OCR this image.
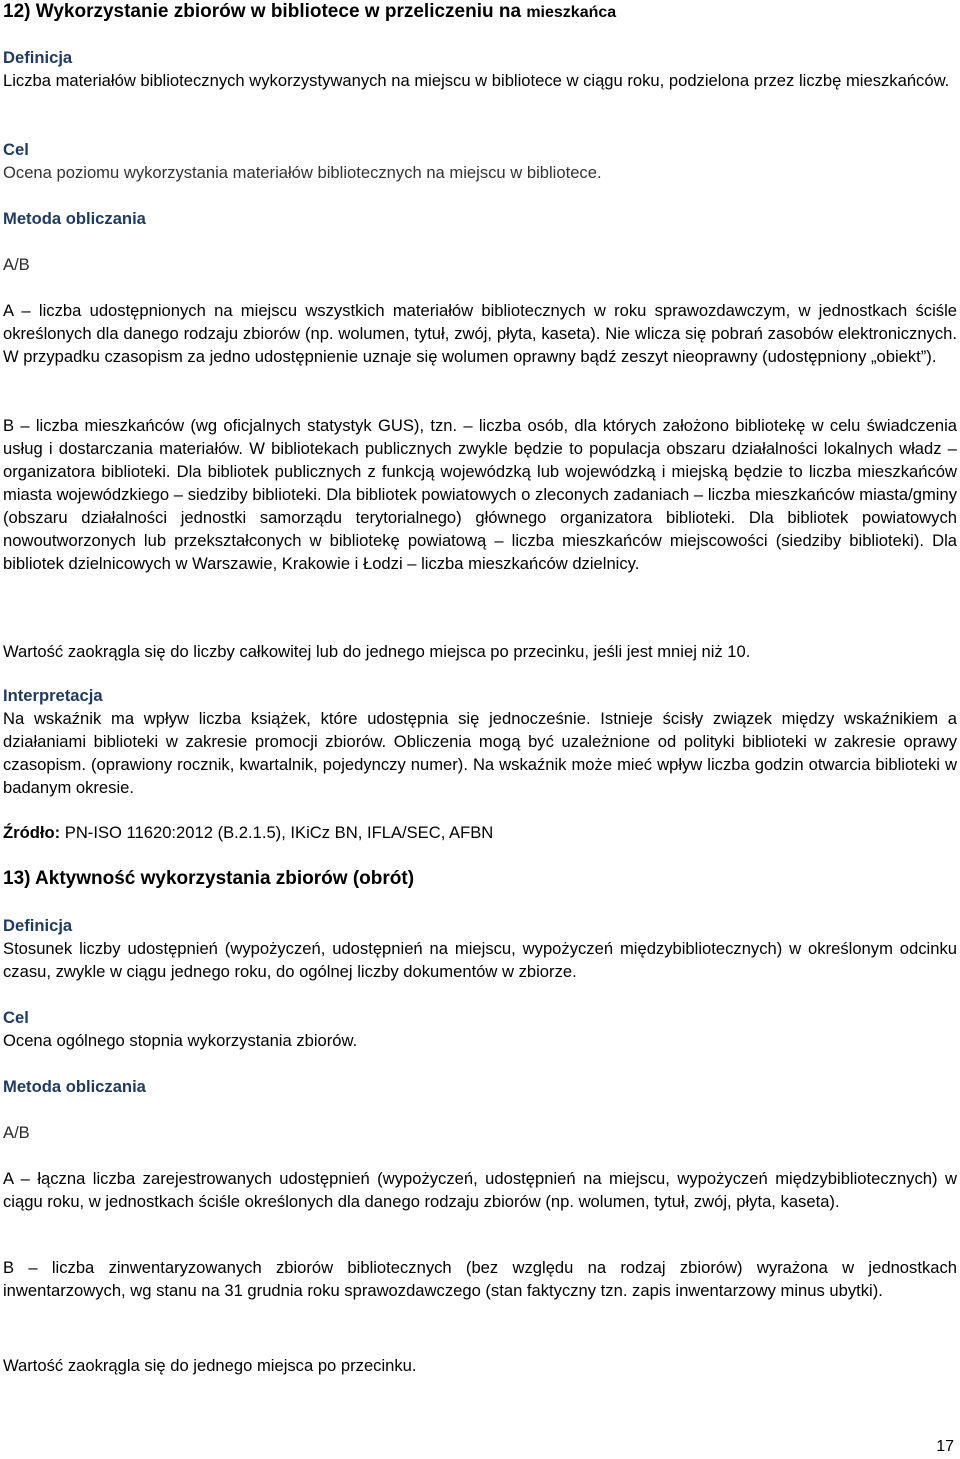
12) Wykorzystanie zbiorów w bibliotece w przeliczeniu na mieszkańca
Definicja

Liczba materiałów bibliotecznych wykorzystywanych na miejscu w bibliotece w ciągu roku, podzielona przez liczbę mieszkańców.

Cel

Ocena poziomu wykorzystania materiałów bibliotecznych na miejscu w bibliotece.

Metoda obliczania
A/B

A – liczba udostępnionych na miejscu wszystkich materiałów bibliotecznych w roku sprawozdawczym, w jednostkach ściśle określonych dla danego rodzaju zbiorów (np. wolumen, tytuł, zwój, płyta, kaseta). Nie wlicza się pobrań zasobów elektronicznych. W przypadku czasopism za jedno udostępnienie uznaje się wolumen oprawny bądź zeszyt nieoprawny (udostępniony „obiekt”).

B – liczba mieszkańców (wg oficjalnych statystyk GUS), tzn. – liczba osób, dla których założono bibliotekę w celu świadczenia usług i dostarczania materiałów. W bibliotekach publicznych zwykle będzie to populacja obszaru działalności lokalnych władz – organizatora biblioteki. Dla bibliotek publicznych z funkcją wojewódzką lub wojewódzką i miejską będzie to liczba mieszkańców miasta wojewódzkiego – siedziby biblioteki. Dla bibliotek powiatowych o zleconych zadaniach – liczba mieszkańców miasta/gminy (obszaru działalności jednostki samorządu terytorialnego) głównego organizatora biblioteki. Dla bibliotek powiatowych nowoutworzonych lub przekształconych w bibliotekę powiatową – liczba mieszkańców miejscowości (siedziby biblioteki). Dla bibliotek dzielnicowych w Warszawie, Krakowie i Łodzi – liczba mieszkańców dzielnicy.

Wartość zaokrągla się do liczby całkowitej lub do jednego miejsca po przecinku, jeśli jest mniej niż 10.

Interpretacja

Na wskaźnik ma wpływ liczba książek, które udostępnia się jednocześnie. Istnieje ścisły związek między wskaźnikiem a działaniami biblioteki w zakresie promocji zbiorów. Obliczenia mogą być uzależnione od polityki biblioteki w zakresie oprawy czasopism. (oprawiony rocznik, kwartalnik, pojedynczy numer). Na wskaźnik może mieć wpływ liczba godzin otwarcia biblioteki w badanym okresie.

Źródło: PN-ISO 11620:2012 (B.2.1.5), IKiCz BN, IFLA/SEC, AFBN
13) Aktywność wykorzystania zbiorów (obrót)
Definicja

Stosunek liczby udostępnień (wypożyczeń, udostępnień na miejscu, wypożyczeń międzybibliotecznych) w określonym odcinku czasu, zwykle w ciągu jednego roku, do ogólnej liczby dokumentów w zbiorze.

Cel

Ocena ogólnego stopnia wykorzystania zbiorów.

Metoda obliczania
A/B

A – łączna liczba zarejestrowanych udostępnień (wypożyczeń, udostępnień na miejscu, wypożyczeń międzybibliotecznych) w ciągu roku, w jednostkach ściśle określonych dla danego rodzaju zbiorów (np. wolumen, tytuł, zwój, płyta, kaseta).

B – liczba zinwentaryzowanych zbiorów bibliotecznych (bez względu na rodzaj zbiorów) wyrażona w jednostkach inwentarzowych, wg stanu na 31 grudnia roku sprawozdawczego (stan faktyczny tzn. zapis inwentarzowy minus ubytki).

Wartość zaokrągla się do jednego miejsca po przecinku.

17
